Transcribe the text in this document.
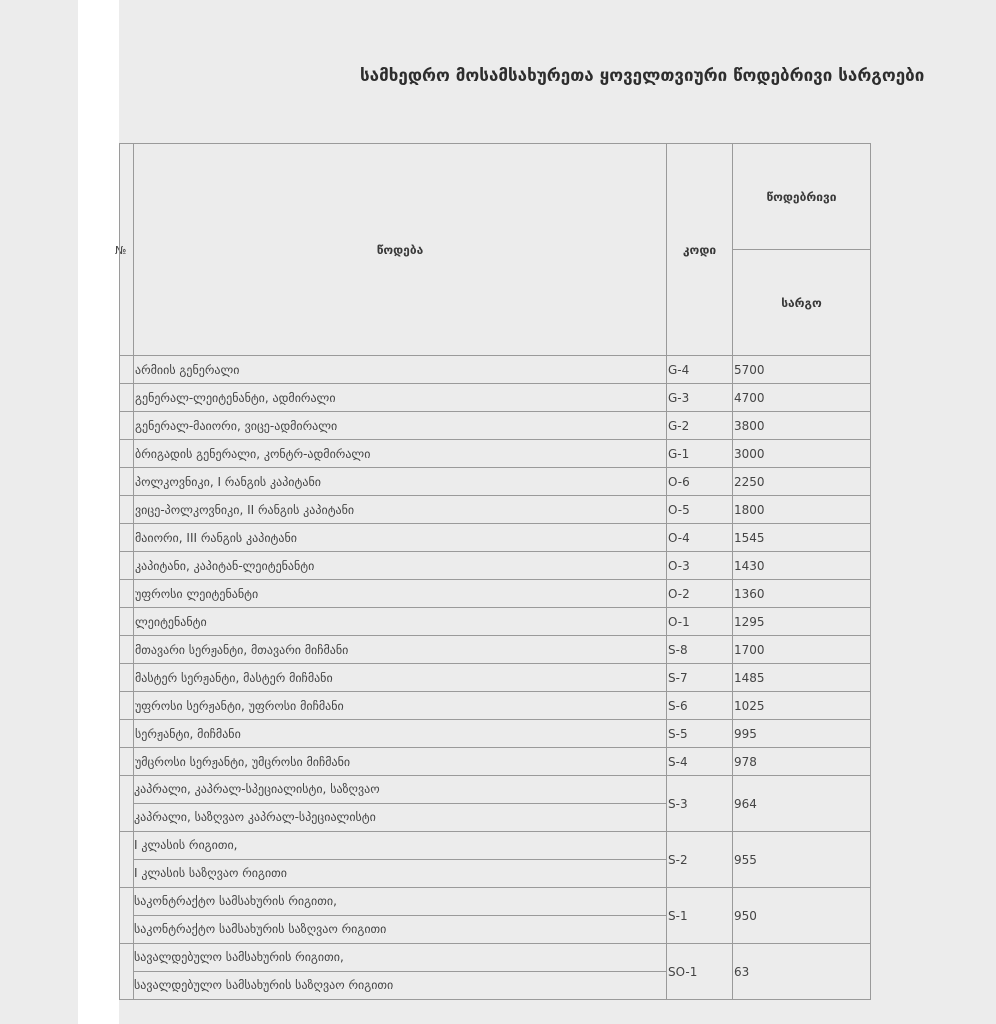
სამხედრო მოსამსახურეთა ყოველთვიური წოდებრივი სარგოები
№
		წოდება	კოდი	წოდებრივი
			სარგო
	არმიის გენერალი	G-4	5700
	გენერალ-ლეიტენანტი, ადმირალი	G-3	4700
	გენერალ-მაიორი, ვიცე-ადმირალი	G-2	3800
	ბრიგადის გენერალი, კონტრ-ადმირალი	G-1	3000
	პოლკოვნიკი, I რანგის კაპიტანი	O-6	2250
	ვიცე-პოლკოვნიკი, II რანგის კაპიტანი	O-5	1800
	მაიორი, III რანგის კაპიტანი	O-4	1545
	კაპიტანი, კაპიტან-ლეიტენანტი	O-3	1430
	უფროსი ლეიტენანტი	O-2	1360
	ლეიტენანტი	O-1	1295
	მთავარი სერჟანტი, მთავარი მიჩმანი	S-8	1700
	მასტერ სერჟანტი, მასტერ მიჩმანი	S-7	1485
	უფროსი სერჟანტი, უფროსი მიჩმანი	S-6	1025
	სერჟანტი, მიჩმანი	S-5	995
	უმცროსი სერჟანტი, უმცროსი მიჩმანი	S-4	978

	კაპრალი, კაპრალ-სპეციალისტი, საზღვაო
კაპრალი, საზღვაო კაპრალ-სპეციალისტი	S-3	964

	I კლასის რიგითი,
I კლასის საზღვაო რიგითი	S-2	955

	საკონტრაქტო სამსახურის რიგითი,
საკონტრაქტო სამსახურის საზღვაო რიგითი	S-1	950

	სავალდებულო სამსახურის რიგითი,
სავალდებულო სამსახურის საზღვაო რიგითი	SO-1	63
